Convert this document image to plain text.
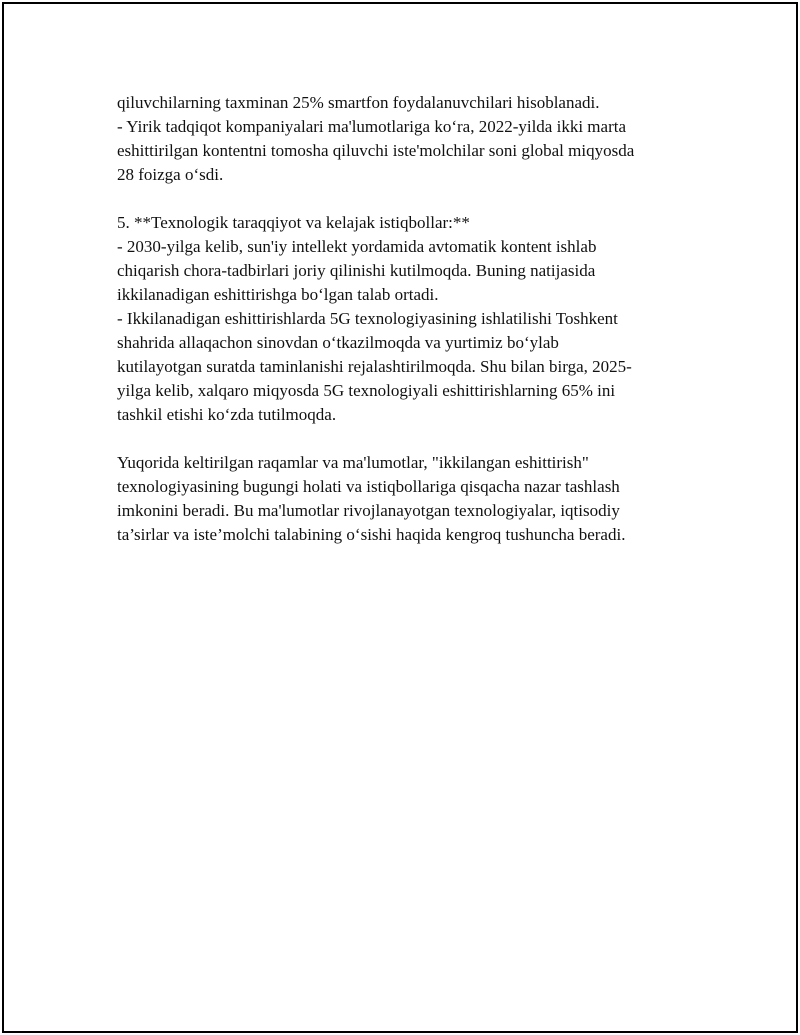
qiluvchilarning taxminan 25% smartfon foydalanuvchilari hisoblanadi.
- Yirik tadqiqot kompaniyalari ma'lumotlariga ko‘ra, 2022-yilda ikki marta
eshittirilgan kontentni tomosha qiluvchi iste'molchilar soni global miqyosda
28 foizga o‘sdi.

5. **Texnologik taraqqiyot va kelajak istiqbollar:**
- 2030-yilga kelib, sun'iy intellekt yordamida avtomatik kontent ishlab
chiqarish chora-tadbirlari joriy qilinishi kutilmoqda. Buning natijasida
ikkilanadigan eshittirishga bo‘lgan talab ortadi.
- Ikkilanadigan eshittirishlarda 5G texnologiyasining ishlatilishi Toshkent
shahrida allaqachon sinovdan o‘tkazilmoqda va yurtimiz bo‘ylab
kutilayotgan suratda taminlanishi rejalashtirilmoqda. Shu bilan birga, 2025-
yilga kelib, xalqaro miqyosda 5G texnologiyali eshittirishlarning 65% ini
tashkil etishi ko‘zda tutilmoqda.

Yuqorida keltirilgan raqamlar va ma'lumotlar, "ikkilangan eshittirish"
texnologiyasining bugungi holati va istiqbollariga qisqacha nazar tashlash
imkonini beradi. Bu ma'lumotlar rivojlanayotgan texnologiyalar, iqtisodiy
ta’sirlar va iste’molchi talabining o‘sishi haqida kengroq tushuncha beradi.
